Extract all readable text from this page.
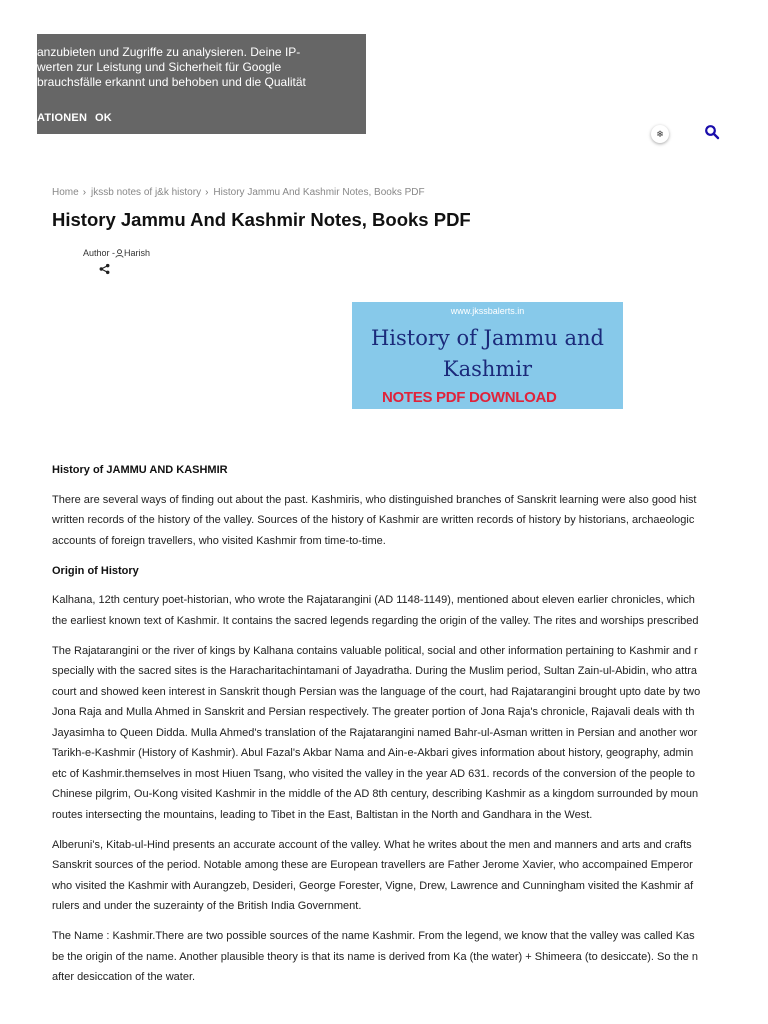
anzubieten und Zugriffe zu analysieren. Deine IP-
werten zur Leistung und Sicherheit für Google
brauchsfälle erkannt und behoben und die Qualität
ATIONEN OK
❄
Home › jkssb notes of j&k history › History Jammu And Kashmir Notes, Books PDF
History Jammu And Kashmir Notes, Books PDF
Author - Harish
www.jkssbalerts.in
History of Jammu and
Kashmir
NOTES PDF DOWNLOAD

History of JAMMU AND KASHMIR

There are several ways of finding out about the past. Kashmiris, who distinguished branches of Sanskrit learning were also good hist
written records of the history of the valley. Sources of the history of Kashmir are written records of history by historians, archaeologic
accounts of foreign travellers, who visited Kashmir from time-to-time.

Origin of History

Kalhana, 12th century poet-historian, who wrote the Rajatarangini (AD 1148-1149), mentioned about eleven earlier chronicles, which
the earliest known text of Kashmir. It contains the sacred legends regarding the origin of the valley. The rites and worships prescribed

The Rajatarangini or the river of kings by Kalhana contains valuable political, social and other information pertaining to Kashmir and r
specially with the sacred sites is the Haracharitachintamani of Jayadratha. During the Muslim period, Sultan Zain-ul-Abidin, who attra
court and showed keen interest in Sanskrit though Persian was the language of the court, had Rajatarangini brought upto date by two
Jona Raja and Mulla Ahmed in Sanskrit and Persian respectively. The greater portion of Jona Raja's chronicle, Rajavali deals with th
Jayasimha to Queen Didda. Mulla Ahmed's translation of the Rajatarangini named Bahr-ul-Asman written in Persian and another wor
Tarikh-e-Kashmir (History of Kashmir). Abul Fazal's Akbar Nama and Ain-e-Akbari gives information about history, geography, admin
etc of Kashmir.themselves in most Hiuen Tsang, who visited the valley in the year AD 631. records of the conversion of the people to
Chinese pilgrim, Ou-Kong visited Kashmir in the middle of the AD 8th century, describing Kashmir as a kingdom surrounded by moun
routes intersecting the mountains, leading to Tibet in the East, Baltistan in the North and Gandhara in the West.

Alberuni's, Kitab-ul-Hind presents an accurate account of the valley. What he writes about the men and manners and arts and crafts
Sanskrit sources of the period. Notable among these are European travellers are Father Jerome Xavier, who accompained Emperor
who visited the Kashmir with Aurangzeb, Desideri, George Forester, Vigne, Drew, Lawrence and Cunningham visited the Kashmir af
rulers and under the suzerainty of the British India Government.

The Name : Kashmir.There are two possible sources of the name Kashmir. From the legend, we know that the valley was called Kas
be the origin of the name. Another plausible theory is that its name is derived from Ka (the water) + Shimeera (to desiccate). So the n
after desiccation of the water.
